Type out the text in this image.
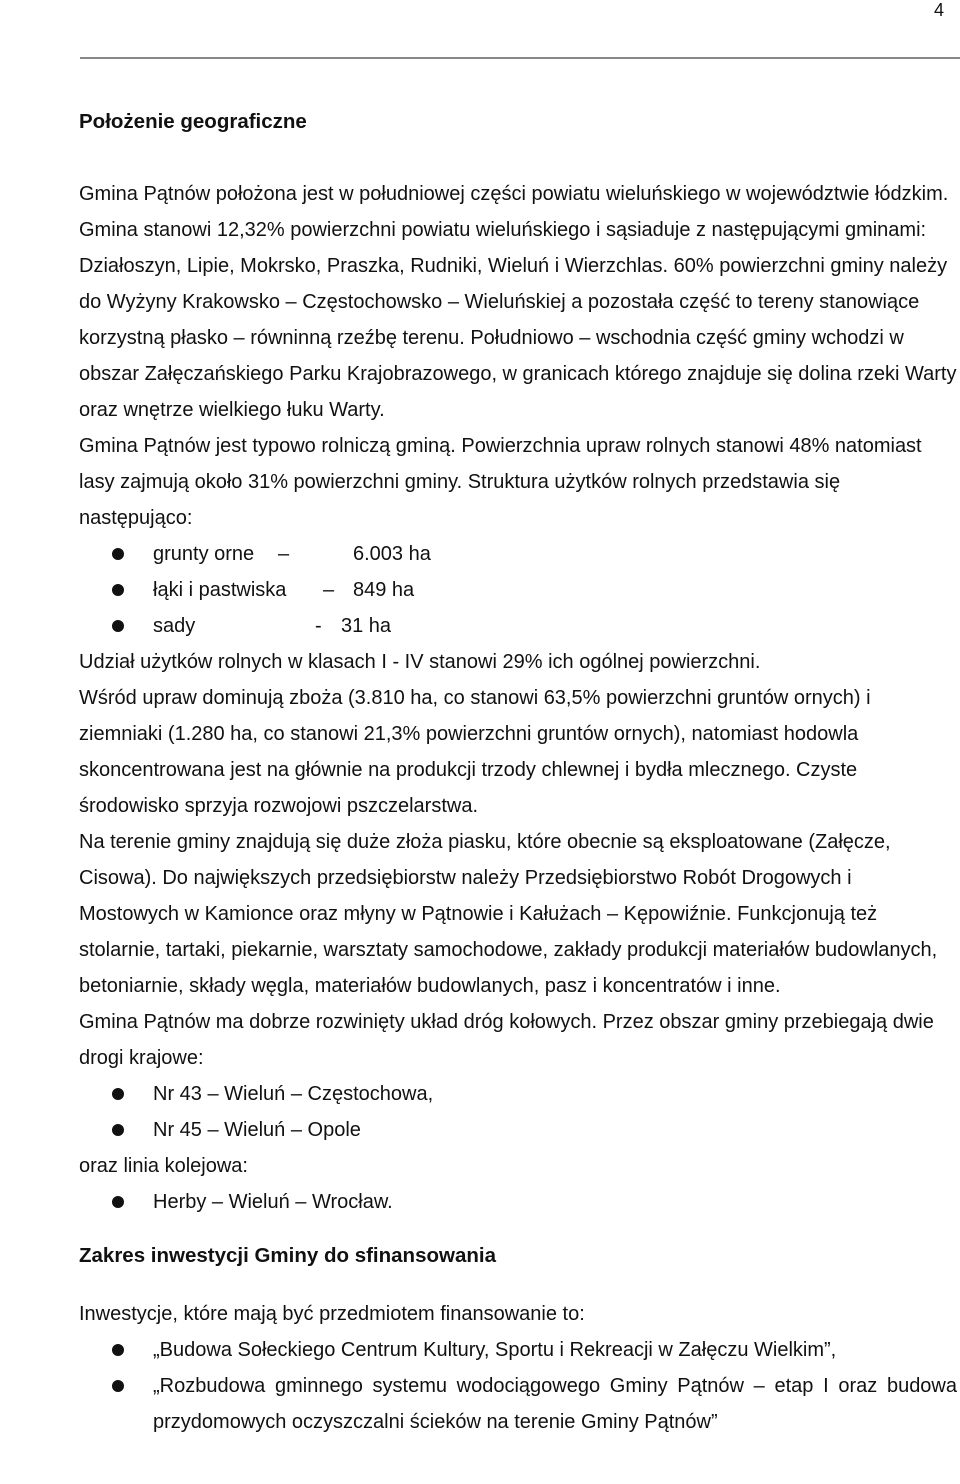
4

Położenie geograficzne

Gmina Pątnów położona jest w południowej części powiatu wieluńskiego w województwie łódzkim. Gmina stanowi 12,32% powierzchni powiatu wieluńskiego i sąsiaduje z następującymi gminami: Działoszyn, Lipie, Mokrsko, Praszka, Rudniki, Wieluń i Wierzchlas. 60% powierzchni gminy należy do Wyżyny Krakowsko – Częstochowsko – Wieluńskiej a pozostała część to tereny stanowiące korzystną płasko – równinną rzeźbę terenu. Południowo – wschodnia część gminy wchodzi w obszar Załęczańskiego Parku Krajobrazowego, w granicach którego znajduje się dolina rzeki Warty oraz wnętrze wielkiego łuku Warty.

Gmina Pątnów jest typowo rolniczą gminą. Powierzchnia upraw rolnych stanowi 48% natomiast lasy zajmują około 31% powierzchni gminy. Struktura użytków rolnych przedstawia się następująco:

grunty orne	–	6.003 ha
łąki i pastwiska	– 849 ha
sady	- 31 ha

Udział użytków rolnych w klasach I - IV stanowi 29% ich ogólnej powierzchni.

Wśród upraw dominują zboża (3.810 ha, co stanowi 63,5% powierzchni gruntów ornych) i ziemniaki (1.280 ha, co stanowi 21,3% powierzchni gruntów ornych), natomiast hodowla skoncentrowana jest na głównie na produkcji trzody chlewnej i bydła mlecznego. Czyste środowisko sprzyja rozwojowi pszczelarstwa.

Na terenie gminy znajdują się duże złoża piasku, które obecnie są eksploatowane (Załęcze, Cisowa). Do największych przedsiębiorstw należy Przedsiębiorstwo Robót Drogowych i Mostowych w Kamionce oraz młyny w Pątnowie i Kałużach – Kępowiźnie. Funkcjonują też stolarnie, tartaki, piekarnie, warsztaty samochodowe, zakłady produkcji materiałów budowlanych, betoniarnie, składy węgla, materiałów budowlanych, pasz i koncentratów i inne.

Gmina Pątnów ma dobrze rozwinięty układ dróg kołowych. Przez obszar gminy przebiegają dwie drogi krajowe:

Nr 43 – Wieluń – Częstochowa,
Nr 45 – Wieluń – Opole

oraz linia kolejowa:

Herby – Wieluń – Wrocław.

Zakres inwestycji Gminy do sfinansowania

Inwestycje, które mają być przedmiotem finansowanie to:

„Budowa Sołeckiego Centrum Kultury, Sportu i Rekreacji w Załęczu Wielkim”,
„Rozbudowa gminnego systemu wodociągowego Gminy Pątnów – etap I oraz budowa przydomowych oczyszczalni ścieków na terenie Gminy Pątnów”
